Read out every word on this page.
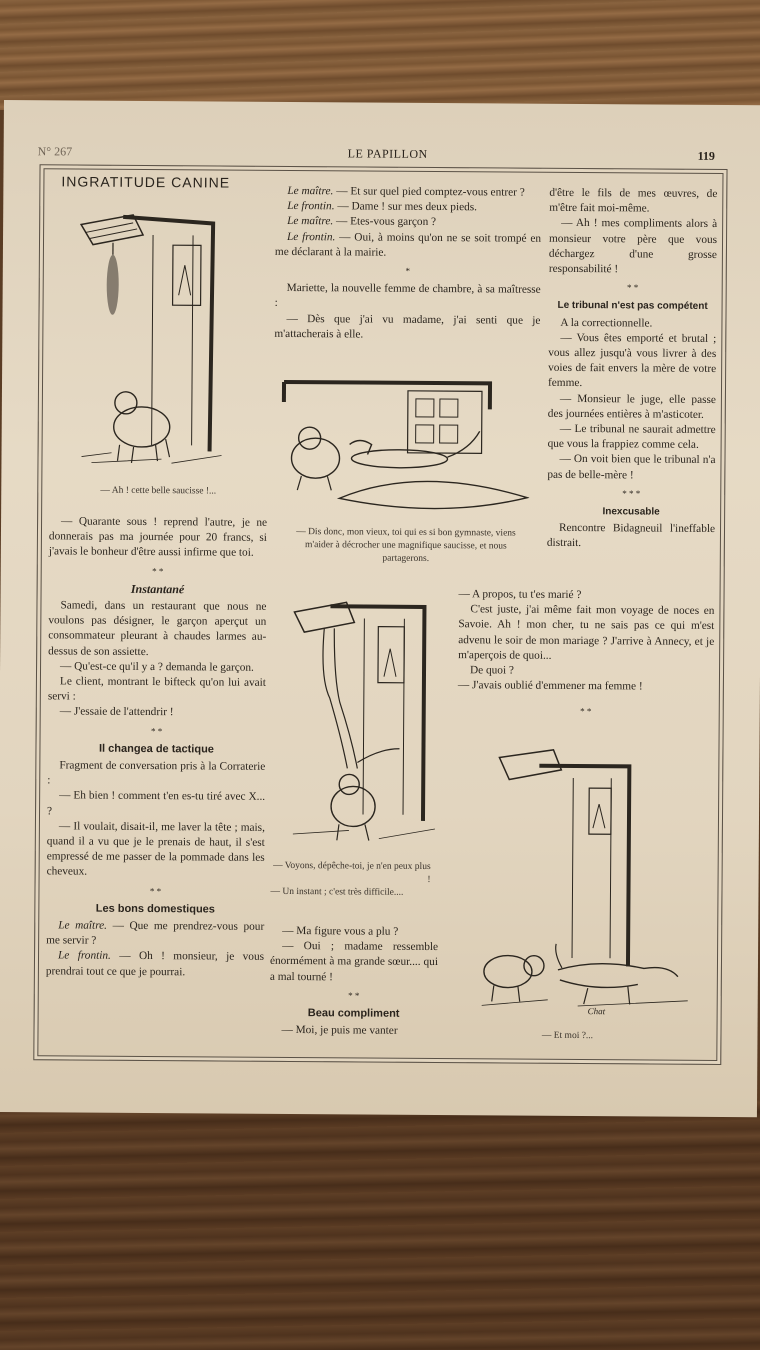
N° 267	LE PAPILLON	119
INGRATITUDE CANINE
— Ah ! cette belle saucisse !...

— Quarante sous ! reprend l'autre, je ne donnerais pas ma journée pour 20 francs, si j'avais le bonheur d'être aussi infirme que toi.

* *

Instantané

Samedi, dans un restaurant que nous ne voulons pas désigner, le garçon aperçut un consommateur pleurant à chaudes larmes au-dessus de son assiette.

— Qu'est-ce qu'il y a ? demanda le garçon.

Le client, montrant le bifteck qu'on lui avait servi :

— J'essaie de l'attendrir !

* *

Il changea de tactique

Fragment de conversation pris à la Corraterie :

— Eh bien ! comment t'en es-tu tiré avec X... ?

— Il voulait, disait-il, me laver la tête ; mais, quand il a vu que je le prenais de haut, il s'est empressé de me passer de la pommade dans les cheveux.

* *

Les bons domestiques

Le maître. — Que me prendrez-vous pour me servir ?

Le frontin. — Oh ! monsieur, je vous prendrai tout ce que je pourrai.

Le maître. — Et sur quel pied comptez-vous entrer ?

Le frontin. — Dame ! sur mes deux pieds.

Le maître. — Etes-vous garçon ?

Le frontin. — Oui, à moins qu'on ne se soit trompé en me déclarant à la mairie.

*

Mariette, la nouvelle femme de chambre, à sa maîtresse :

— Dès que j'ai vu madame, j'ai senti que je m'attacherais à elle.

— Dis donc, mon vieux, toi qui es si bon gymnaste, viens m'aider à décrocher une magnifique saucisse, et nous partagerons.
— Voyons, dépêche-toi, je n'en peux plus !
— Un instant ; c'est très difficile....

— Ma figure vous a plu ?

— Oui ; madame ressemble énormément à ma grande sœur.... qui a mal tourné !

* *

Beau compliment

— Moi, je puis me vanter

d'être le fils de mes œuvres, de m'être fait moi-même.

— Ah ! mes compliments alors à monsieur votre père que vous déchargez d'une grosse responsabilité !

* *

Le tribunal n'est pas compétent

A la correctionnelle.

— Vous êtes emporté et brutal ; vous allez jusqu'à vous livrer à des voies de fait envers la mère de votre femme.

— Monsieur le juge, elle passe des journées entières à m'asticoter.

— Le tribunal ne saurait admettre que vous la frappiez comme cela.

— On voit bien que le tribunal n'a pas de belle-mère !

* * *

Inexcusable

Rencontre Bidagneuil l'ineffable distrait.

— A propos, tu t'es marié ?

C'est juste, j'ai même fait mon voyage de noces en Savoie. Ah ! mon cher, tu ne sais pas ce qui m'est advenu le soir de mon mariage ? J'arrive à Annecy, et je m'aperçois de quoi...

De quoi ?

— J'avais oublié d'emmener ma femme !

* *

Chat
— Et moi ?...
